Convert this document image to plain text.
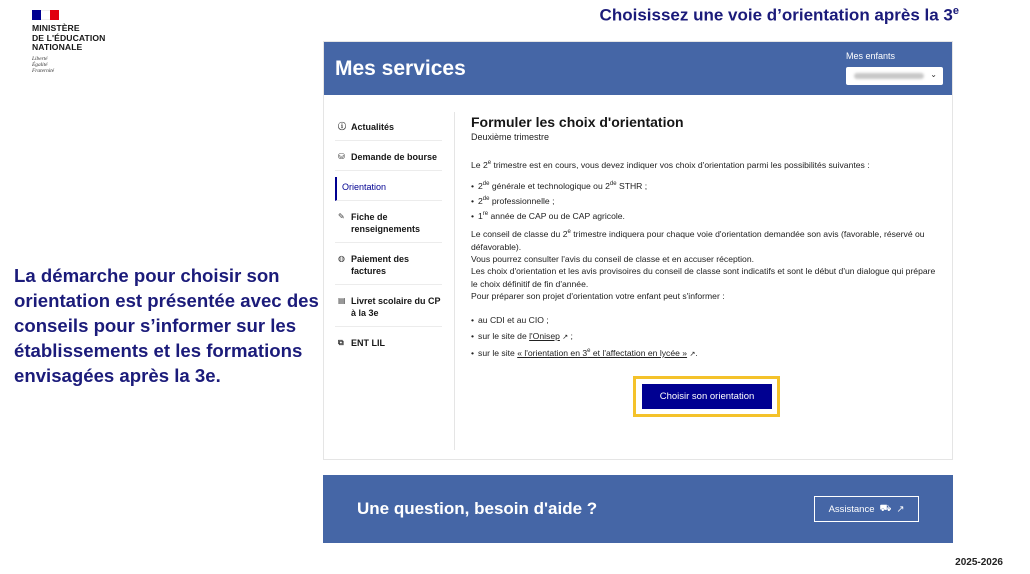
MINISTÈRE
DE L'ÉDUCATION
NATIONALE
Liberté
Égalité
Fraternité
Choisissez une voie d’orientation après la 3e
La démarche pour choisir son orientation est présentée avec des conseils pour s’informer sur les établissements et les formations envisagées après la 3e.
Mes services
Mes enfants
⌄
ⓘ Actualités
⛁ Demande de bourse
Orientation
✎ Fiche de renseignements
◍ Paiement des factures
▤ Livret scolaire du CP à la 3e
⧉ ENT LIL
Formuler les choix d'orientation
Deuxième trimestre

Le 2e trimestre est en cours, vous devez indiquer vos choix d'orientation parmi les possibilités suivantes :

• 2de générale et technologique ou 2de STHR ;
• 2de professionnelle ;
• 1re année de CAP ou de CAP agricole.

Le conseil de classe du 2e trimestre indiquera pour chaque voie d'orientation demandée son avis (favorable, réservé ou défavorable).

Vous pourrez consulter l'avis du conseil de classe et en accuser réception.

Les choix d'orientation et les avis provisoires du conseil de classe sont indicatifs et sont le début d'un dialogue qui prépare le choix définitif de fin d'année.

Pour préparer son projet d'orientation votre enfant peut s'informer :

• au CDI et au CIO ;
• sur le site de l'Onisep ↗ ;
• sur le site « l'orientation en 3e et l'affectation en lycée » ↗.
Choisir son orientation
Une question, besoin d'aide ?	Assistance ⛟ ↗
2025-2026
